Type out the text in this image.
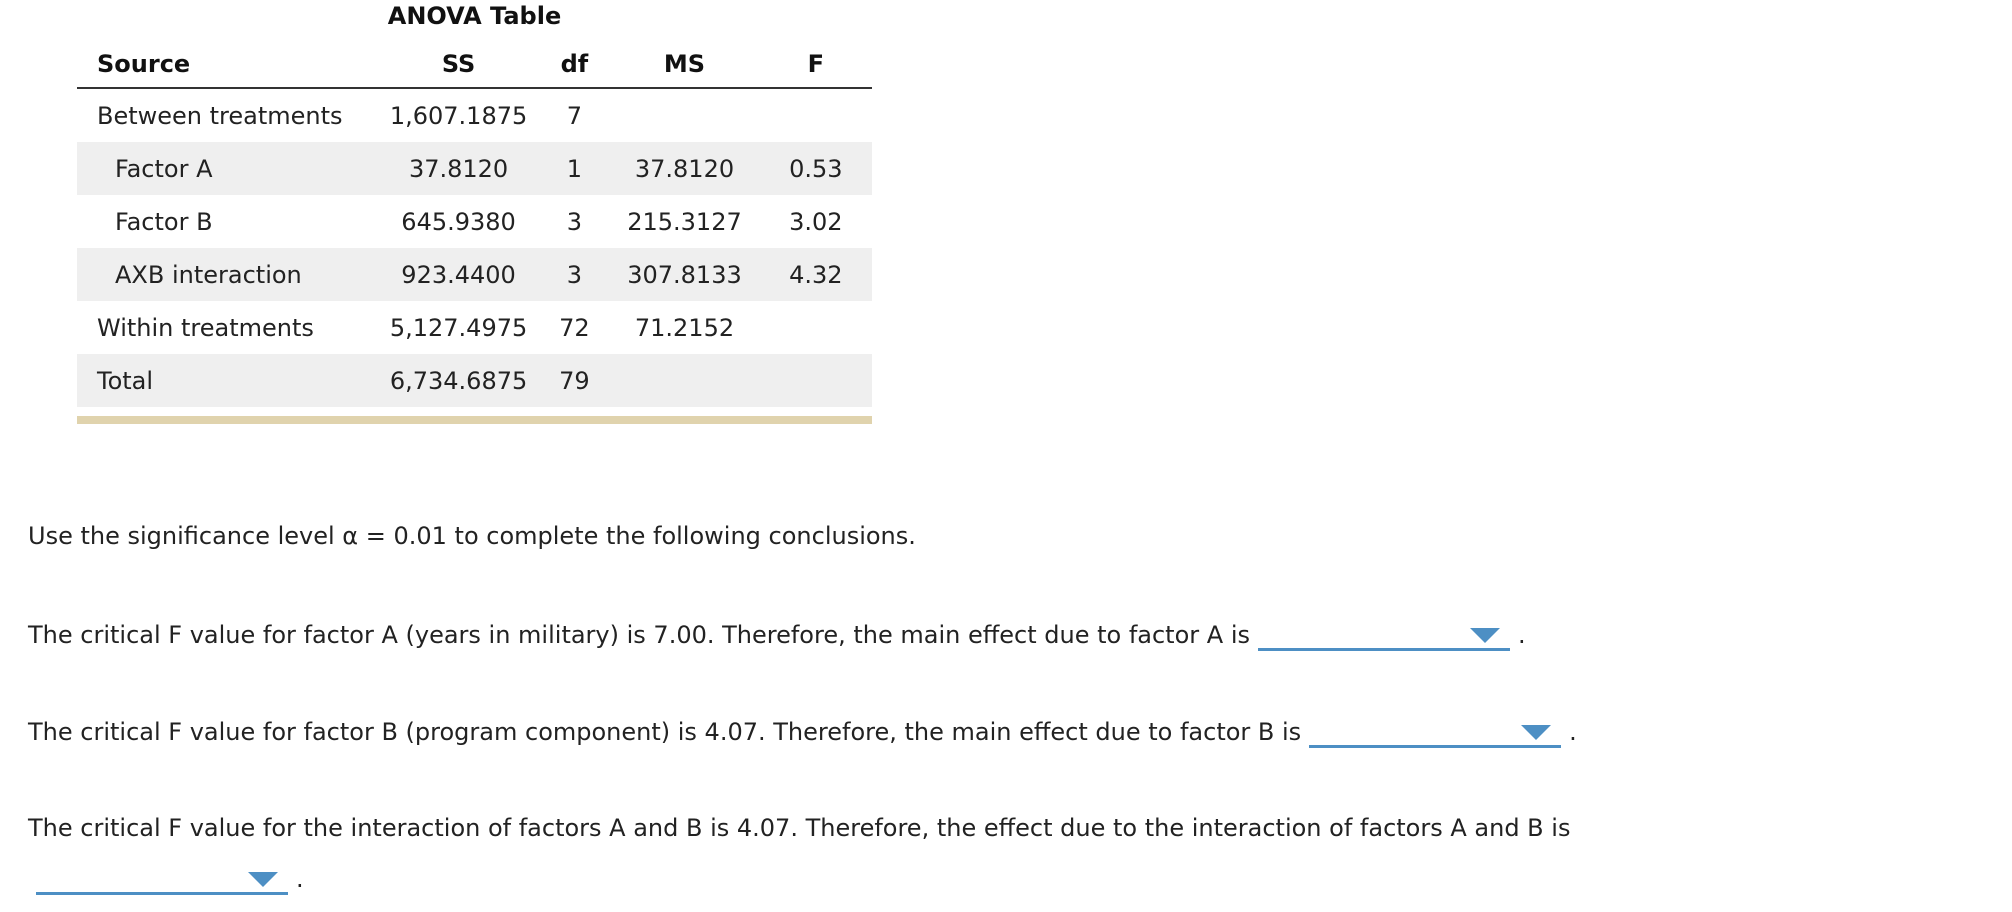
ANOVA Table
Source	SS	df	MS	F
Between treatments	1,607.1875	7		
Factor A	37.8120	1	37.8120	0.53
Factor B	645.9380	3	215.3127	3.02
AXB interaction	923.4400	3	307.8133	4.32
Within treatments	5,127.4975	72	71.2152	
Total	6,734.6875	79		
Use the significance level α = 0.01 to complete the following conclusions.
The critical F value for factor A (years in military) is 7.00. Therefore, the main effect due to factor A is	.
The critical F value for factor B (program component) is 4.07. Therefore, the main effect due to factor B is	.
The critical F value for the interaction of factors A and B is 4.07. Therefore, the effect due to the interaction of factors A and B is
.
